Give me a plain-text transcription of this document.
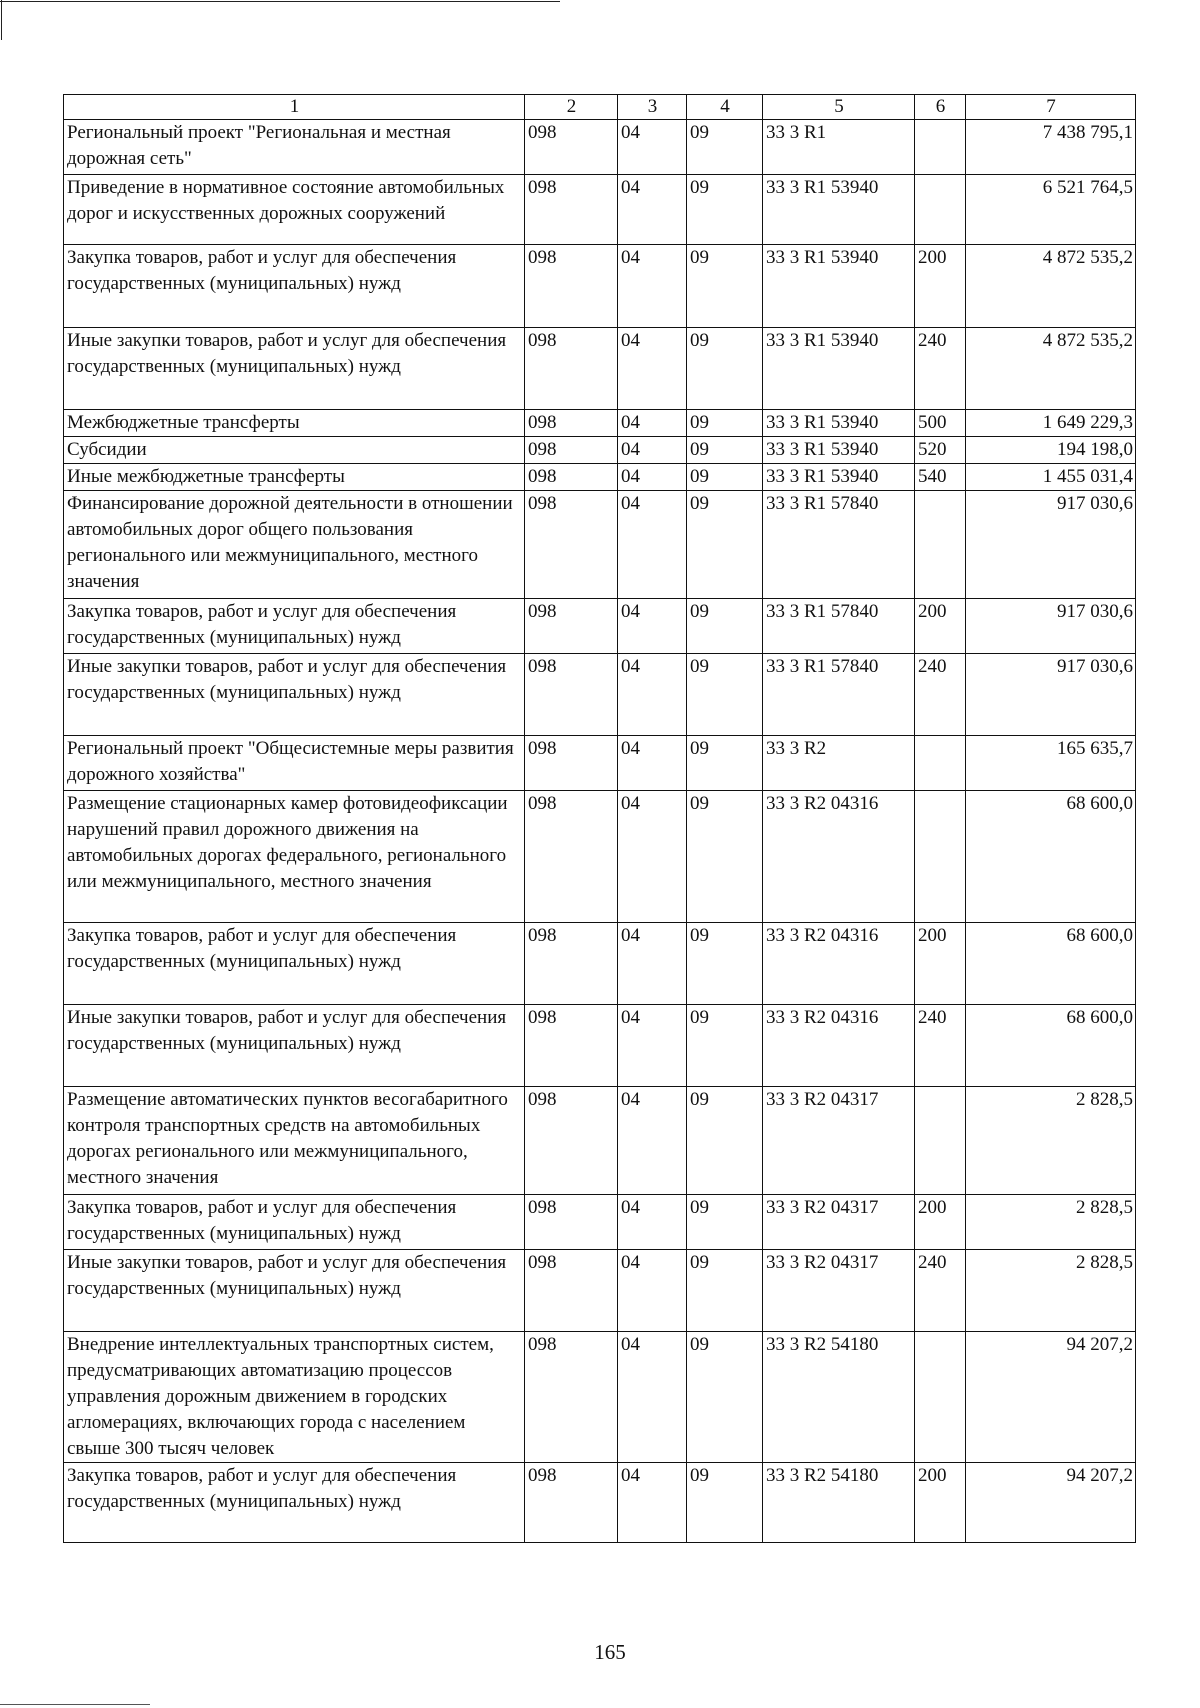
1	2	3	4	5	6	7
Региональный проект "Региональная и местная дорожная сеть"	098	04	09	33 3 R1		7 438 795,1
Приведение в нормативное состояние автомобильных дорог и искусственных дорожных сооружений	098	04	09	33 3 R1 53940		6 521 764,5
Закупка товаров, работ и услуг для обеспечения государственных (муниципальных) нужд	098	04	09	33 3 R1 53940	200	4 872 535,2
Иные закупки товаров, работ и услуг для обеспечения государственных (муниципальных) нужд	098	04	09	33 3 R1 53940	240	4 872 535,2
Межбюджетные трансферты	098	04	09	33 3 R1 53940	500	1 649 229,3
Субсидии	098	04	09	33 3 R1 53940	520	194 198,0
Иные межбюджетные трансферты	098	04	09	33 3 R1 53940	540	1 455 031,4
Финансирование дорожной деятельности в отношении автомобильных дорог общего пользования регионального или межмуниципального, местного значения	098	04	09	33 3 R1 57840		917 030,6
Закупка товаров, работ и услуг для обеспечения государственных (муниципальных) нужд	098	04	09	33 3 R1 57840	200	917 030,6
Иные закупки товаров, работ и услуг для обеспечения государственных (муниципальных) нужд	098	04	09	33 3 R1 57840	240	917 030,6
Региональный проект "Общесистемные меры развития дорожного хозяйства"	098	04	09	33 3 R2		165 635,7
Размещение стационарных камер фотовидеофиксации нарушений правил дорожного движения на автомобильных дорогах федерального, регионального или межмуниципального, местного значения	098	04	09	33 3 R2 04316		68 600,0
Закупка товаров, работ и услуг для обеспечения государственных (муниципальных) нужд	098	04	09	33 3 R2 04316	200	68 600,0
Иные закупки товаров, работ и услуг для обеспечения государственных (муниципальных) нужд	098	04	09	33 3 R2 04316	240	68 600,0
Размещение автоматических пунктов весогабаритного контроля транспортных средств на автомобильных дорогах регионального или межмуниципального, местного значения	098	04	09	33 3 R2 04317		2 828,5
Закупка товаров, работ и услуг для обеспечения государственных (муниципальных) нужд	098	04	09	33 3 R2 04317	200	2 828,5
Иные закупки товаров, работ и услуг для обеспечения государственных (муниципальных) нужд	098	04	09	33 3 R2 04317	240	2 828,5
Внедрение интеллектуальных транспортных систем, предусматривающих автоматизацию процессов управления дорожным движением в городских агломерациях, включающих города с населением свыше 300 тысяч человек	098	04	09	33 3 R2 54180		94 207,2
Закупка товаров, работ и услуг для обеспечения государственных (муниципальных) нужд	098	04	09	33 3 R2 54180	200	94 207,2
165
